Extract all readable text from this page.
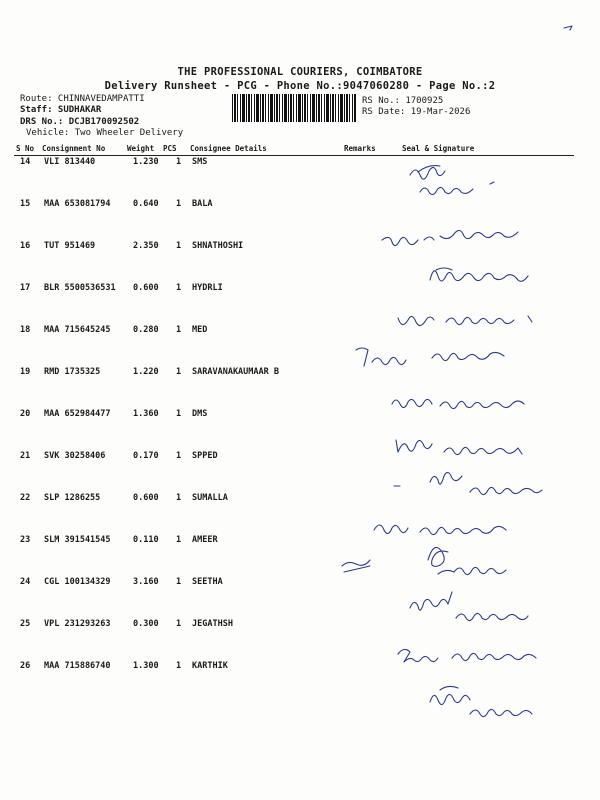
THE PROFESSIONAL COURIERS, COIMBATORE
Delivery Runsheet - PCG - Phone No.:9047060280 - Page No.:2
Route: CHINNAVEDAMPATTI
Staff: SUDHAKAR
DRS No.: DCJB170092502
Vehicle: Two Wheeler Delivery
RS No.: 1700925
RS Date: 19-Mar-2026
S No Consignment No	Weight PCS Consignee Details	Remarks	Seal & Signature
14 VLI 813440	1.230 1 SMS
15 MAA 653081794	0.640 1 BALA
16 TUT 951469	2.350 1 SHNATHOSHI
17 BLR 5500536531 0.600 1 HYDRLI
18 MAA 715645245	0.280 1 MED
19 RMD 1735325	1.220 1 SARAVANAKAUMAAR B
20 MAA 652984477	1.360 1 DMS
21 SVK 30258406	0.170 1 SPPED
22 SLP 1286255	0.600 1 SUMALLA
23 SLM 391541545	0.110 1 AMEER
24 CGL 100134329	3.160 1 SEETHA
25 VPL 231293263	0.300 1 JEGATHSH
26 MAA 715886740	1.300 1 KARTHIK
